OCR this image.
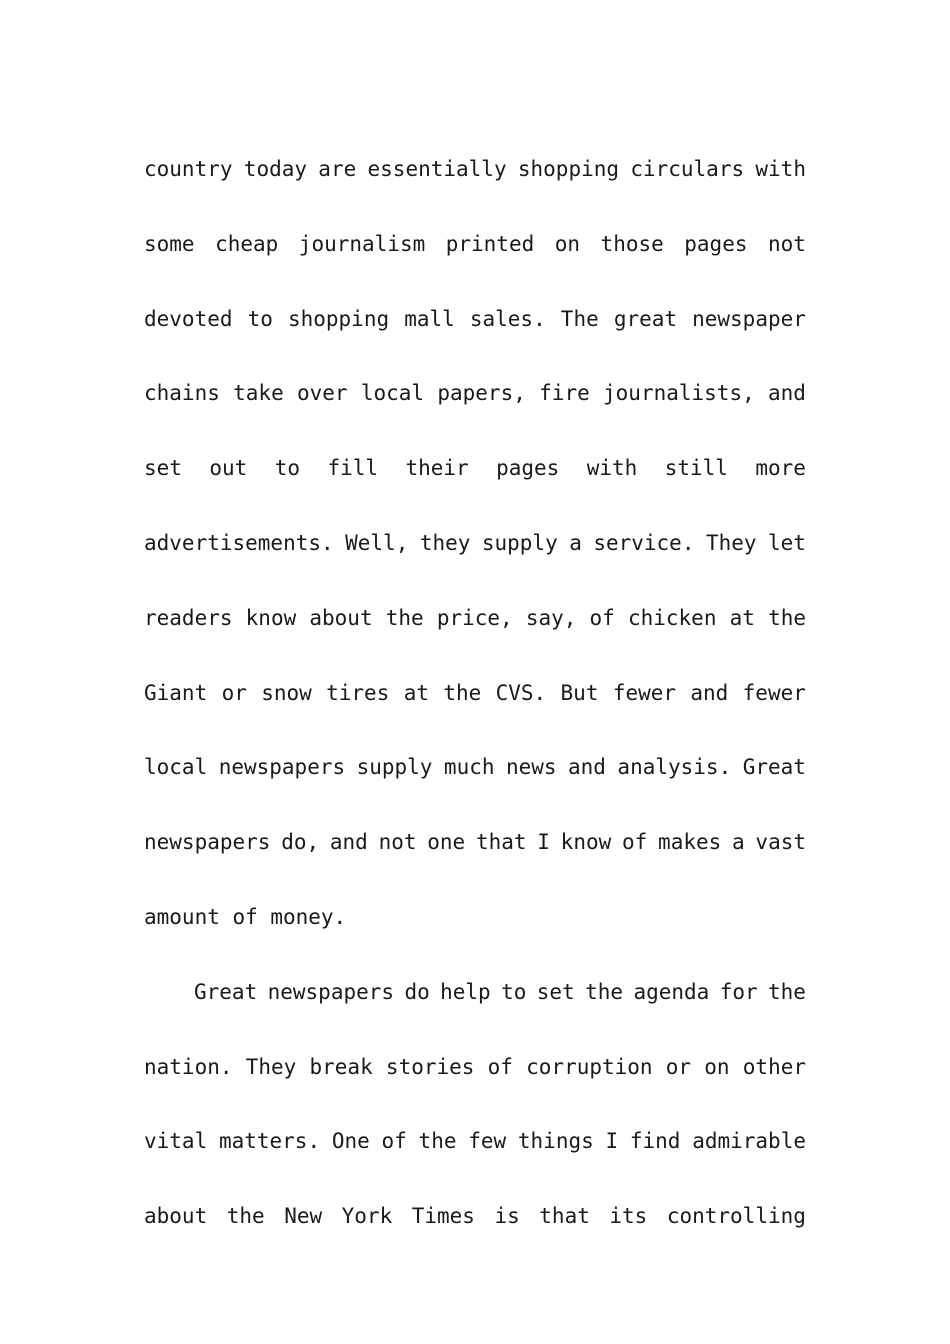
country today are essentially shopping circulars with
some cheap journalism printed on those pages not
devoted to shopping mall sales. The great newspaper
chains take over local papers, fire journalists, and
set out to fill their pages with still more
advertisements. Well, they supply a service. They let
readers know about the price, say, of chicken at the
Giant or snow tires at the CVS. But fewer and fewer
local newspapers supply much news and analysis. Great
newspapers do, and not one that I know of makes a vast
amount of money.
Great newspapers do help to set the agenda for the
nation. They break stories of corruption or on other
vital matters. One of the few things I find admirable
about the New York Times is that its controlling
